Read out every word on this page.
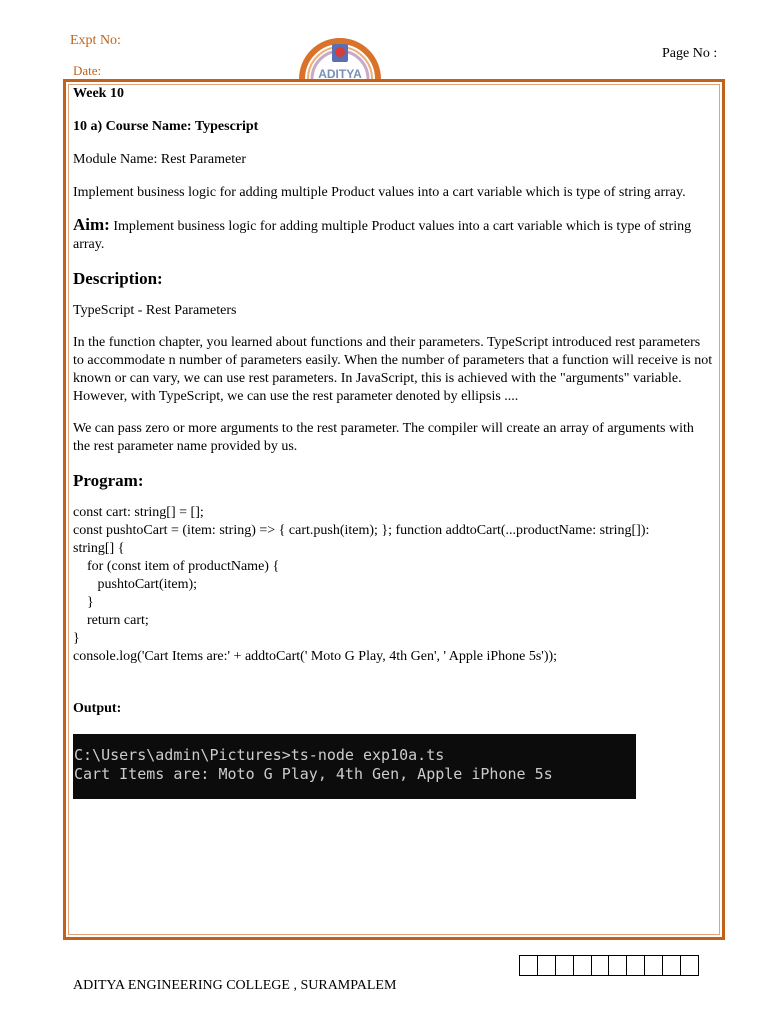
Expt No:
Date:
Page No :
ADITYA

Week 10

10 a) Course Name: Typescript

Module Name: Rest Parameter

Implement business logic for adding multiple Product values into a cart variable which is type of string array.

Aim: Implement business logic for adding multiple Product values into a cart variable which is type of string array.

Description:

TypeScript - Rest Parameters

In the function chapter, you learned about functions and their parameters. TypeScript introduced rest parameters to accommodate n number of parameters easily. When the number of parameters that a function will receive is not known or can vary, we can use rest parameters. In JavaScript, this is achieved with the "arguments" variable. However, with TypeScript, we can use the rest parameter denoted by ellipsis ....

We can pass zero or more arguments to the rest parameter. The compiler will create an array of arguments with the rest parameter name provided by us.

Program:

const cart: string[] = [];
const pushtoCart = (item: string) => { cart.push(item); }; function addtoCart(...productName: string[]):
string[] {
for (const item of productName) {
pushtoCart(item);
}
return cart;
}
console.log('Cart Items are:' + addtoCart(' Moto G Play, 4th Gen', ' Apple iPhone 5s'));

Output:

C:\Users\admin\Pictures>ts-node exp10a.ts
Cart Items are: Moto G Play, 4th Gen, Apple iPhone 5s
ADITYA ENGINEERING COLLEGE , SURAMPALEM
